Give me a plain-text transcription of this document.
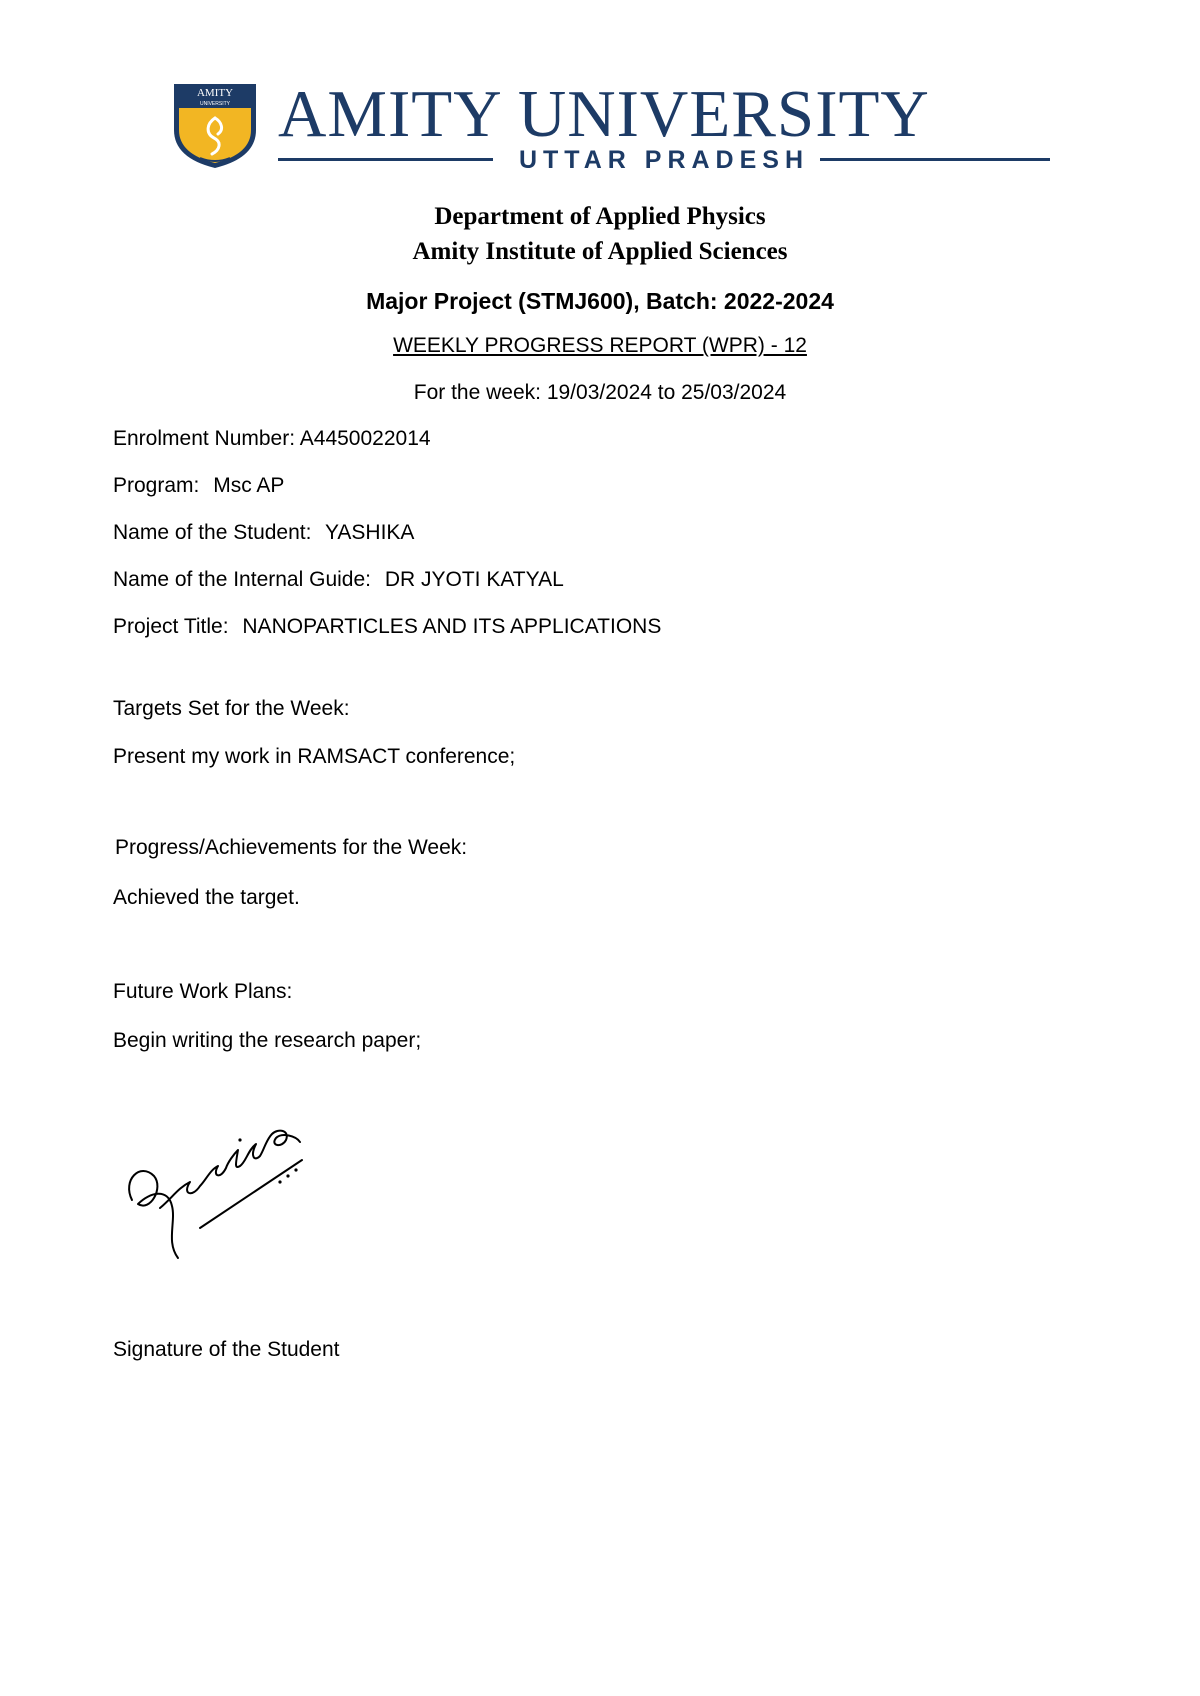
AMITY
UNIVERSITY AMITY UNIVERSITY
UTTAR PRADESH
Department of Applied Physics
Amity Institute of Applied Sciences
Major Project (STMJ600), Batch: 2022-2024
WEEKLY PROGRESS REPORT (WPR) - 12
For the week: 19/03/2024 to 25/03/2024
Enrolment Number: A4450022014
Program: Msc AP
Name of the Student: YASHIKA
Name of the Internal Guide: DR JYOTI KATYAL
Project Title: NANOPARTICLES AND ITS APPLICATIONS
Targets Set for the Week:
Present my work in RAMSACT conference;
Progress/Achievements for the Week:
Achieved the target.
Future Work Plans:
Begin writing the research paper;
Signature of the Student
